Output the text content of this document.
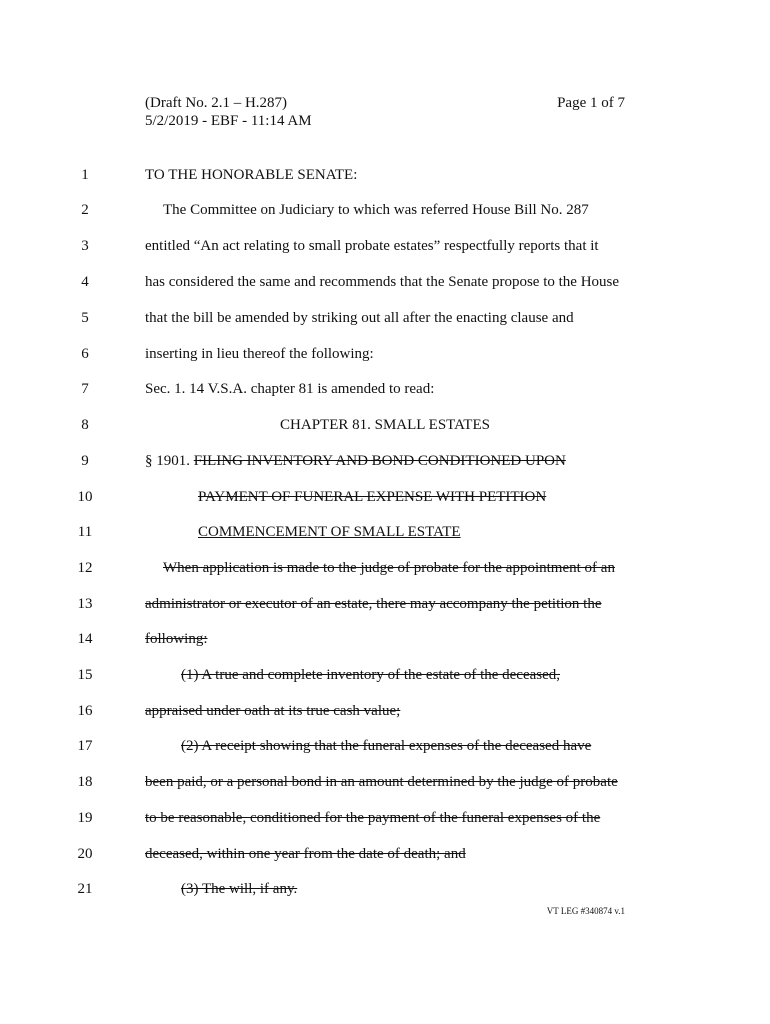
(Draft No. 2.1 – H.287)
5/2/2019 - EBF - 11:14 AM
Page 1 of 7
1	TO THE HONORABLE SENATE:
2	The Committee on Judiciary to which was referred House Bill No. 287
3	entitled “An act relating to small probate estates” respectfully reports that it
4	has considered the same and recommends that the Senate propose to the House
5	that the bill be amended by striking out all after the enacting clause and
6	inserting in lieu thereof the following:
7	Sec. 1. 14 V.S.A. chapter 81 is amended to read:
8	CHAPTER 81. SMALL ESTATES
9	§ 1901. FILING INVENTORY AND BOND CONDITIONED UPON
10	PAYMENT OF FUNERAL EXPENSE WITH PETITION
11	COMMENCEMENT OF SMALL ESTATE
12	When application is made to the judge of probate for the appointment of an
13	administrator or executor of an estate, there may accompany the petition the
14	following:
15	(1) A true and complete inventory of the estate of the deceased,
16	appraised under oath at its true cash value;
17	(2) A receipt showing that the funeral expenses of the deceased have
18	been paid, or a personal bond in an amount determined by the judge of probate
19	to be reasonable, conditioned for the payment of the funeral expenses of the
20	deceased, within one year from the date of death; and
21	(3) The will, if any.
VT LEG #340874 v.1
